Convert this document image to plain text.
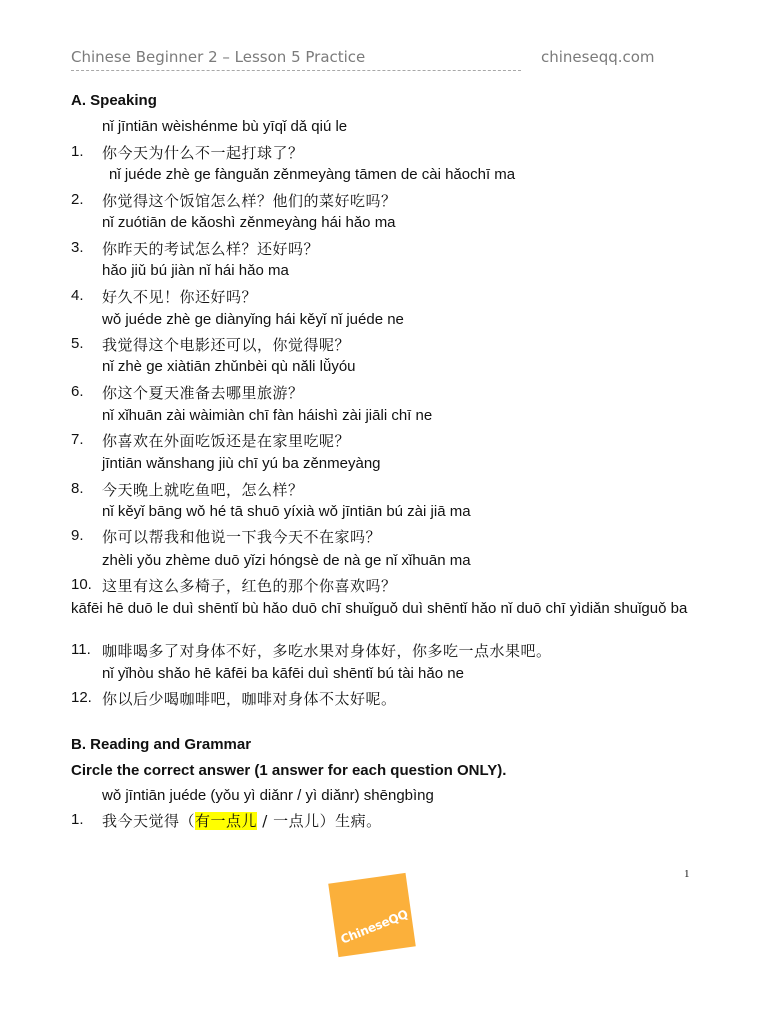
Chinese Beginner 2 – Lesson 5 Practice	chineseqq.com
A. Speaking
nǐ jīntiān wèishénme bù yīqǐ dǎ qiú le
1. 你今天为什么不一起打球了？
nǐ juéde zhè ge fànguǎn zěnmeyàng tāmen de cài hǎochī ma
2. 你觉得这个饭馆怎么样？他们的菜好吃吗？
nǐ zuótiān de kǎoshì zěnmeyàng hái hǎo ma
3. 你昨天的考试怎么样？还好吗？
hǎo jiǔ bú jiàn nǐ hái hǎo ma
4. 好久不见！你还好吗？
wǒ juéde zhè ge diànyǐng hái kěyǐ nǐ juéde ne
5. 我觉得这个电影还可以，你觉得呢？
nǐ zhè ge xiàtiān zhǔnbèi qù nǎli lǚyóu
6. 你这个夏天准备去哪里旅游？
nǐ xǐhuān zài wàimiàn chī fàn háishì zài jiāli chī ne
7. 你喜欢在外面吃饭还是在家里吃呢？
jīntiān wǎnshang jiù chī yú ba zěnmeyàng
8. 今天晚上就吃鱼吧，怎么样？
nǐ kěyǐ bāng wǒ hé tā shuō yíxià wǒ jīntiān bú zài jiā ma
9. 你可以帮我和他说一下我今天不在家吗？
zhèli yǒu zhème duō yǐzi hóngsè de nà ge nǐ xǐhuān ma
10. 这里有这么多椅子，红色的那个你喜欢吗？
kāfēi hē duō le duì shēntǐ bù hǎo duō chī shuǐguǒ duì shēntǐ hǎo nǐ duō chī yìdiǎn shuǐguǒ ba
11. 咖啡喝多了对身体不好，多吃水果对身体好，你多吃一点水果吧。
nǐ yǐhòu shǎo hē kāfēi ba kāfēi duì shēntǐ bú tài hǎo ne
12. 你以后少喝咖啡吧，咖啡对身体不太好呢。
B. Reading and Grammar
Circle the correct answer (1 answer for each question ONLY).
wǒ jīntiān juéde (yǒu yì diǎnr / yì diǎnr) shēngbìng
1. 我今天觉得（有一点儿 / 一点儿）生病。
1
ChineseQQ
